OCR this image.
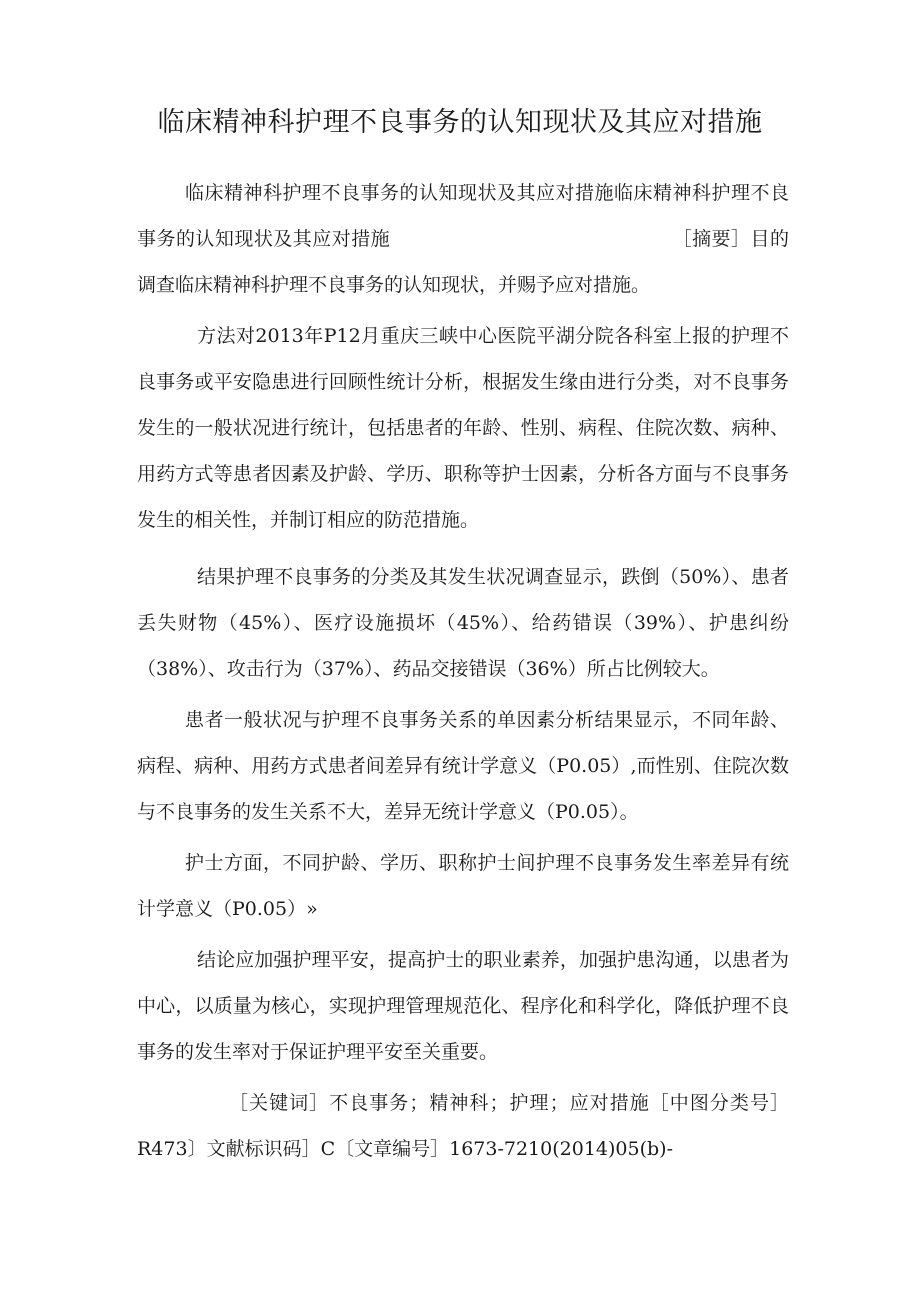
临床精神科护理不良事务的认知现状及其应对措施

临床精神科护理不良事务的认知现状及其应对措施临床精神科护理不良事务的认知现状及其应对措施	［摘要］目的调查临床精神科护理不良事务的认知现状，并赐予应对措施。

方法对2013年P12月重庆三峡中心医院平湖分院各科室上报的护理不良事务或平安隐患进行回顾性统计分析，根据发生缘由进行分类，对不良事务发生的一般状况进行统计，包括患者的年龄、性别、病程、住院次数、病种、用药方式等患者因素及护龄、学历、职称等护士因素，分析各方面与不良事务发生的相关性，并制订相应的防范措施。

结果护理不良事务的分类及其发生状况调查显示，跌倒（50%）、患者丢失财物（45%）、医疗设施损坏（45%）、给药错误（39%）、护患纠纷（38%）、攻击行为（37%）、药品交接错误（36%）所占比例较大。

患者一般状况与护理不良事务关系的单因素分析结果显示，不同年龄、病程、病种、用药方式患者间差异有统计学意义（P0.05）,而性别、住院次数与不良事务的发生关系不大，差异无统计学意义（P0.05）。

护士方面，不同护龄、学历、职称护士间护理不良事务发生率差异有统计学意义（P0.05）»

结论应加强护理平安，提高护士的职业素养，加强护患沟通，以患者为中心，以质量为核心，实现护理管理规范化、程序化和科学化，降低护理不良事务的发生率对于保证护理平安至关重要。

［关键词］不良事务；精神科；护理；应对措施［中图分类号］R473〕文献标识码］C〔文章编号］1673-7210(2014)05(b)-
